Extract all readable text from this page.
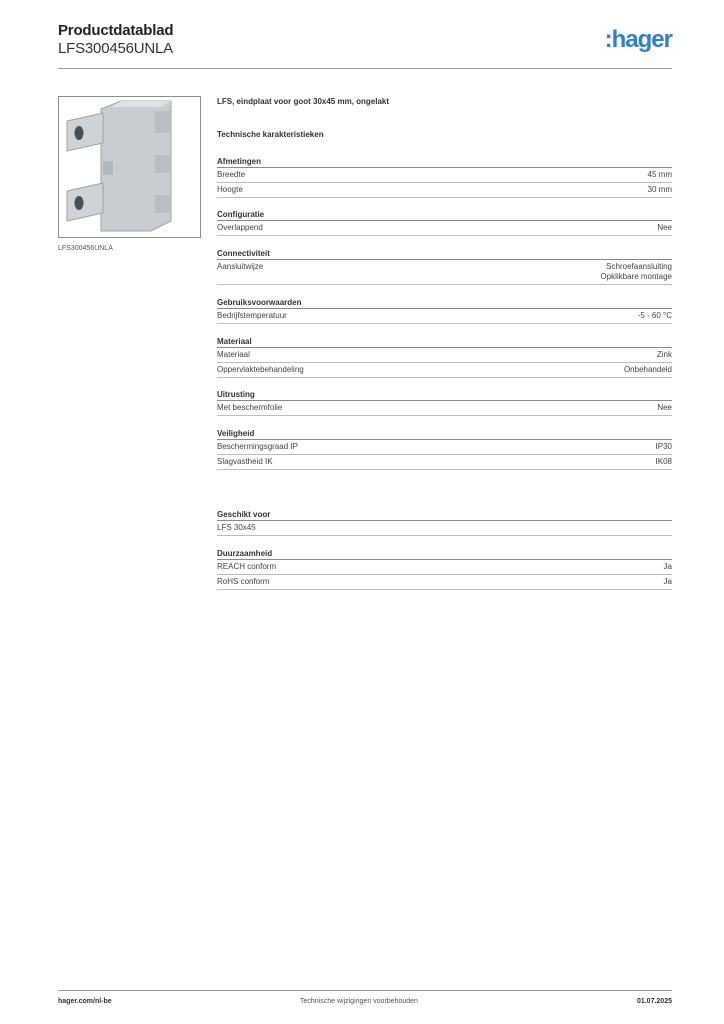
Productdatablad
LFS300456UNLA	:hager
LFS300456UNLA
LFS, eindplaat voor goot 30x45 mm, ongelakt
Technische karakteristieken
Afmetingen
Breedte	45 mm
Hoogte	30 mm
Configuratie
Overlappend	Nee
Connectiviteit
Aansluitwijze	Schroefaansluiting
Opklikbare montage
Gebruiksvoorwaarden
Bedrijfstemperatuur	-5 - 60 °C
Materiaal
Materiaal	Zink
Oppervlaktebehandeling	Onbehandeld
Uitrusting
Met beschermfolie	Nee
Veiligheid
Beschermingsgraad IP	IP30
Slagvastheid IK	IK08
Geschikt voor
LFS 30x45
Duurzaamheid
REACH conform	Ja
RoHS conform	Ja
hager.com/nl-be	Technische wijzigingen voorbehouden	01.07.2025
